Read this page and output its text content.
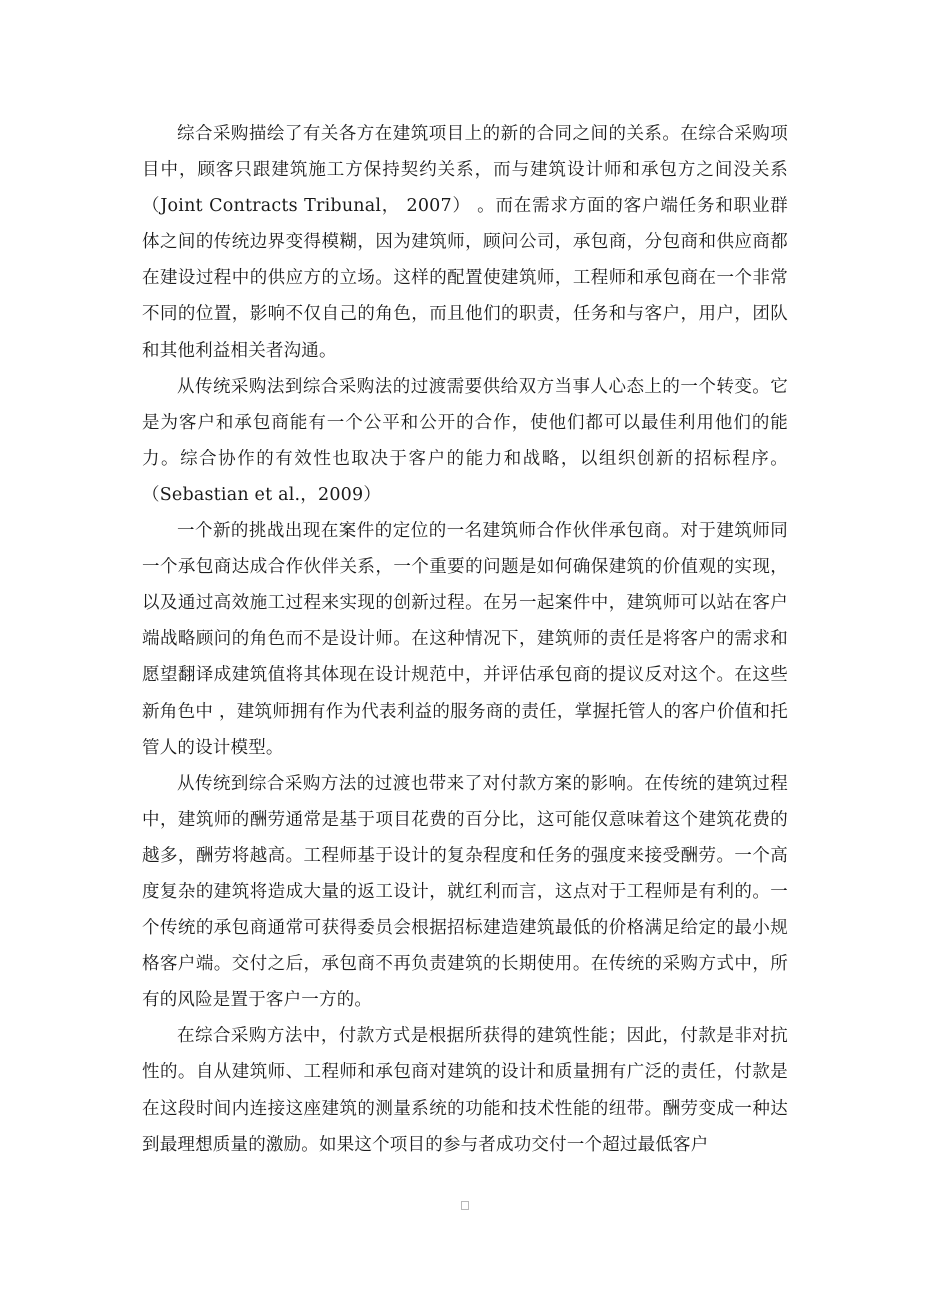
综合采购描绘了有关各方在建筑项目上的新的合同之间的关系。在综合采购项目中，顾客只跟建筑施工方保持契约关系，而与建筑设计师和承包方之间没关系（Joint Contracts Tribunal， 2007） 。而在需求方面的客户端任务和职业群体之间的传统边界变得模糊，因为建筑师，顾问公司，承包商，分包商和供应商都在建设过程中的供应方的立场。这样的配置使建筑师，工程师和承包商在一个非常不同的位置，影响不仅自己的角色，而且他们的职责，任务和与客户，用户，团队和其他利益相关者沟通。

从传统采购法到综合采购法的过渡需要供给双方当事人心态上的一个转变。它是为客户和承包商能有一个公平和公开的合作，使他们都可以最佳利用他们的能力。综合协作的有效性也取决于客户的能力和战略，以组织创新的招标程序。（Sebastian et al.，2009）

一个新的挑战出现在案件的定位的一名建筑师合作伙伴承包商。对于建筑师同一个承包商达成合作伙伴关系，一个重要的问题是如何确保建筑的价值观的实现，以及通过高效施工过程来实现的创新过程。在另一起案件中，建筑师可以站在客户端战略顾问的角色而不是设计师。在这种情况下，建筑师的责任是将客户的需求和愿望翻译成建筑值将其体现在设计规范中，并评估承包商的提议反对这个。在这些新角色中 ，建筑师拥有作为代表利益的服务商的责任，掌握托管人的客户价值和托管人的设计模型。

从传统到综合采购方法的过渡也带来了对付款方案的影响。在传统的建筑过程中，建筑师的酬劳通常是基于项目花费的百分比，这可能仅意味着这个建筑花费的越多，酬劳将越高。工程师基于设计的复杂程度和任务的强度来接受酬劳。一个高度复杂的建筑将造成大量的返工设计，就红利而言，这点对于工程师是有利的。一个传统的承包商通常可获得委员会根据招标建造建筑最低的价格满足给定的最小规格客户端。交付之后，承包商不再负责建筑的长期使用。在传统的采购方式中，所有的风险是置于客户一方的。

在综合采购方法中，付款方式是根据所获得的建筑性能；因此，付款是非对抗性的。自从建筑师、工程师和承包商对建筑的设计和质量拥有广泛的责任，付款是在这段时间内连接这座建筑的测量系统的功能和技术性能的纽带。酬劳变成一种达到最理想质量的激励。如果这个项目的参与者成功交付一个超过最低客户
